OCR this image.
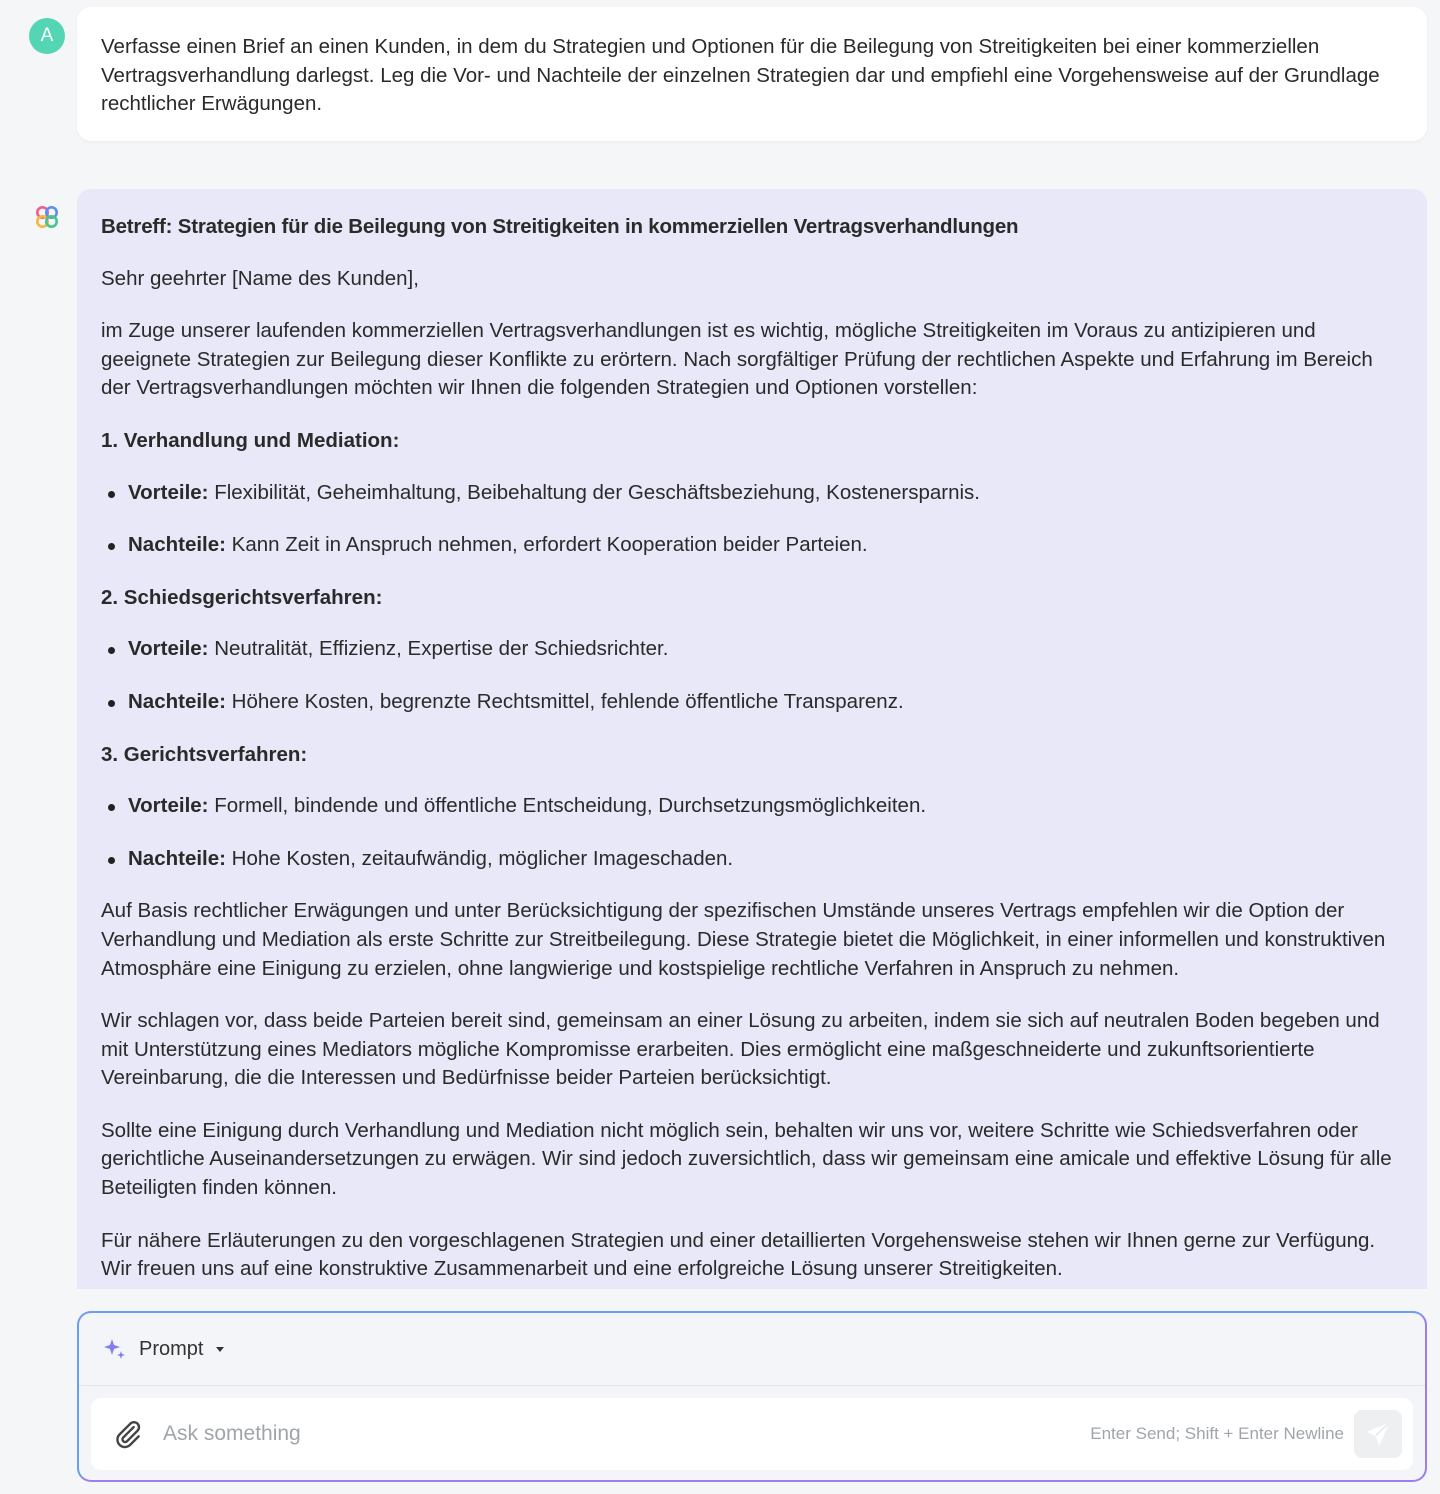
A	Verfasse einen Brief an einen Kunden, in dem du Strategien und Optionen für die Beilegung von Streitigkeiten bei einer kommerziellen Vertragsverhandlung darlegst. Leg die Vor- und Nachteile der einzelnen Strategien dar und empfiehl eine Vorgehensweise auf der Grundlage rechtlicher Erwägungen.

Betreff: Strategien für die Beilegung von Streitigkeiten in kommerziellen Vertragsverhandlungen

Sehr geehrter [Name des Kunden],

im Zuge unserer laufenden kommerziellen Vertragsverhandlungen ist es wichtig, mögliche Streitigkeiten im Voraus zu antizipieren und geeignete Strategien zur Beilegung dieser Konflikte zu erörtern. Nach sorgfältiger Prüfung der rechtlichen Aspekte und Erfahrung im Bereich der Vertragsverhandlungen möchten wir Ihnen die folgenden Strategien und Optionen vorstellen:

1. Verhandlung und Mediation:

Vorteile: Flexibilität, Geheimhaltung, Beibehaltung der Geschäftsbeziehung, Kostenersparnis.
Nachteile: Kann Zeit in Anspruch nehmen, erfordert Kooperation beider Parteien.

2. Schiedsgerichtsverfahren:

Vorteile: Neutralität, Effizienz, Expertise der Schiedsrichter.
Nachteile: Höhere Kosten, begrenzte Rechtsmittel, fehlende öffentliche Transparenz.

3. Gerichtsverfahren:

Vorteile: Formell, bindende und öffentliche Entscheidung, Durchsetzungsmöglichkeiten.
Nachteile: Hohe Kosten, zeitaufwändig, möglicher Imageschaden.

Auf Basis rechtlicher Erwägungen und unter Berücksichtigung der spezifischen Umstände unseres Vertrags empfehlen wir die Option der Verhandlung und Mediation als erste Schritte zur Streitbeilegung. Diese Strategie bietet die Möglichkeit, in einer informellen und konstruktiven Atmosphäre eine Einigung zu erzielen, ohne langwierige und kostspielige rechtliche Verfahren in Anspruch zu nehmen.

Wir schlagen vor, dass beide Parteien bereit sind, gemeinsam an einer Lösung zu arbeiten, indem sie sich auf neutralen Boden begeben und mit Unterstützung eines Mediators mögliche Kompromisse erarbeiten. Dies ermöglicht eine maßgeschneiderte und zukunftsorientierte Vereinbarung, die die Interessen und Bedürfnisse beider Parteien berücksichtigt.

Sollte eine Einigung durch Verhandlung und Mediation nicht möglich sein, behalten wir uns vor, weitere Schritte wie Schiedsverfahren oder gerichtliche Auseinandersetzungen zu erwägen. Wir sind jedoch zuversichtlich, dass wir gemeinsam eine amicale und effektive Lösung für alle Beteiligten finden können.

Für nähere Erläuterungen zu den vorgeschlagenen Strategien und einer detaillierten Vorgehensweise stehen wir Ihnen gerne zur Verfügung. Wir freuen uns auf eine konstruktive Zusammenarbeit und eine erfolgreiche Lösung unserer Streitigkeiten.

Prompt
Ask something
Enter Send; Shift + Enter Newline
